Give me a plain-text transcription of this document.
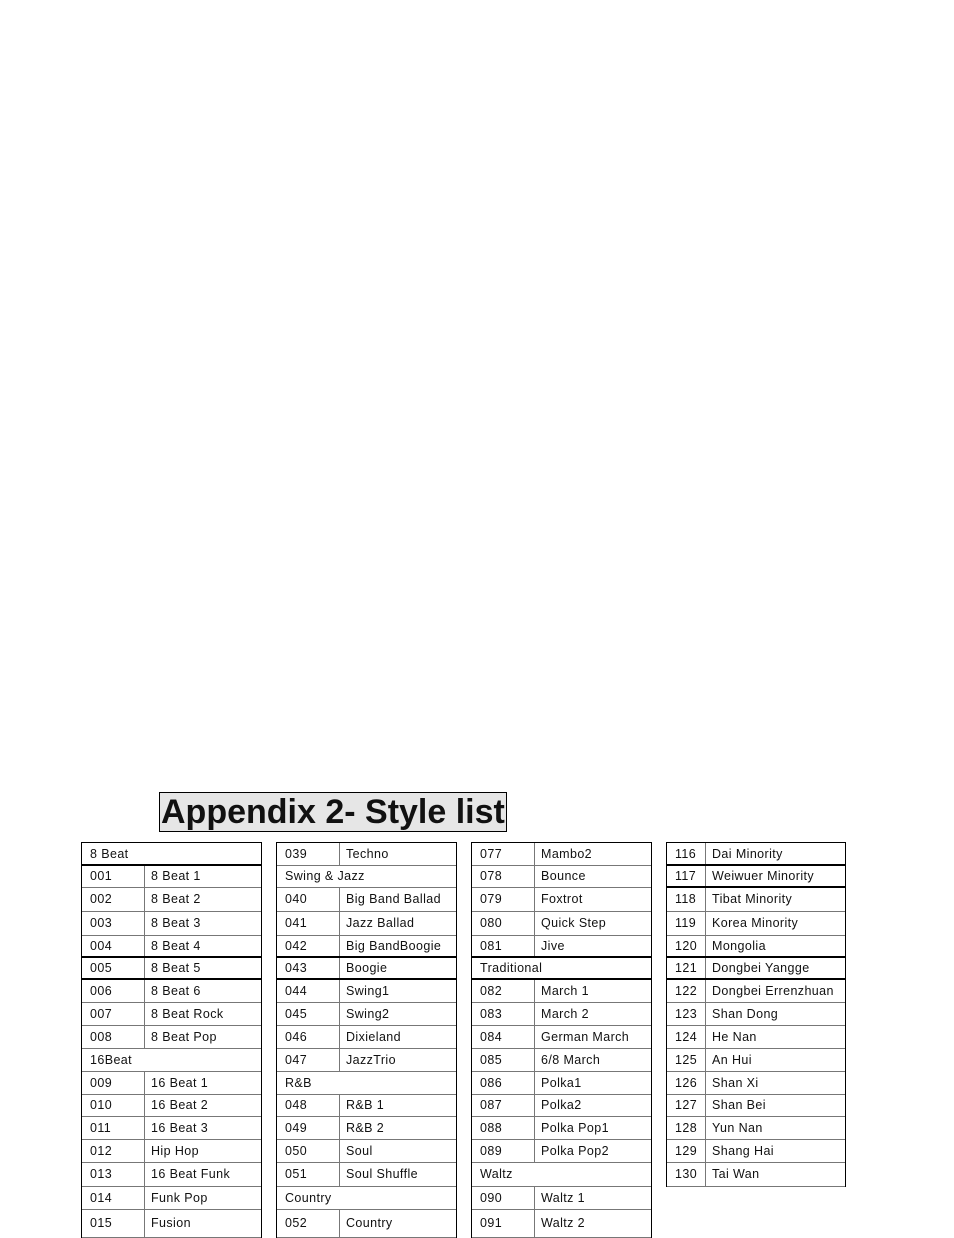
Appendix 2- Style list
8 Beat
001	8 Beat 1
002	8 Beat 2
003	8 Beat 3
004	8 Beat 4
005	8 Beat 5
006	8 Beat 6
007	8 Beat Rock
008	8 Beat Pop
16Beat
009	16 Beat 1
010	16 Beat 2
011	16 Beat 3
012	Hip Hop
013	16 Beat Funk
014	Funk Pop
015	Fusion
039	Techno
Swing & Jazz
040	Big Band Ballad
041	Jazz Ballad
042	Big BandBoogie
043	Boogie
044	Swing1
045	Swing2
046	Dixieland
047	JazzTrio
R&B
048	R&B 1
049	R&B 2
050	Soul
051	Soul Shuffle
Country
052	Country
077	Mambo2
078	Bounce
079	Foxtrot
080	Quick Step
081	Jive
Traditional
082	March 1
083	March 2
084	German March
085	6/8 March
086	Polka1
087	Polka2
088	Polka Pop1
089	Polka Pop2
Waltz
090	Waltz 1
091	Waltz 2
116	Dai Minority
117	Weiwuer Minority
118	Tibat Minority
119	Korea Minority
120	Mongolia
121	Dongbei Yangge
122	Dongbei Errenzhuan
123	Shan Dong
124	He Nan
125	An Hui
126	Shan Xi
127	Shan Bei
128	Yun Nan
129	Shang Hai
130	Tai Wan
